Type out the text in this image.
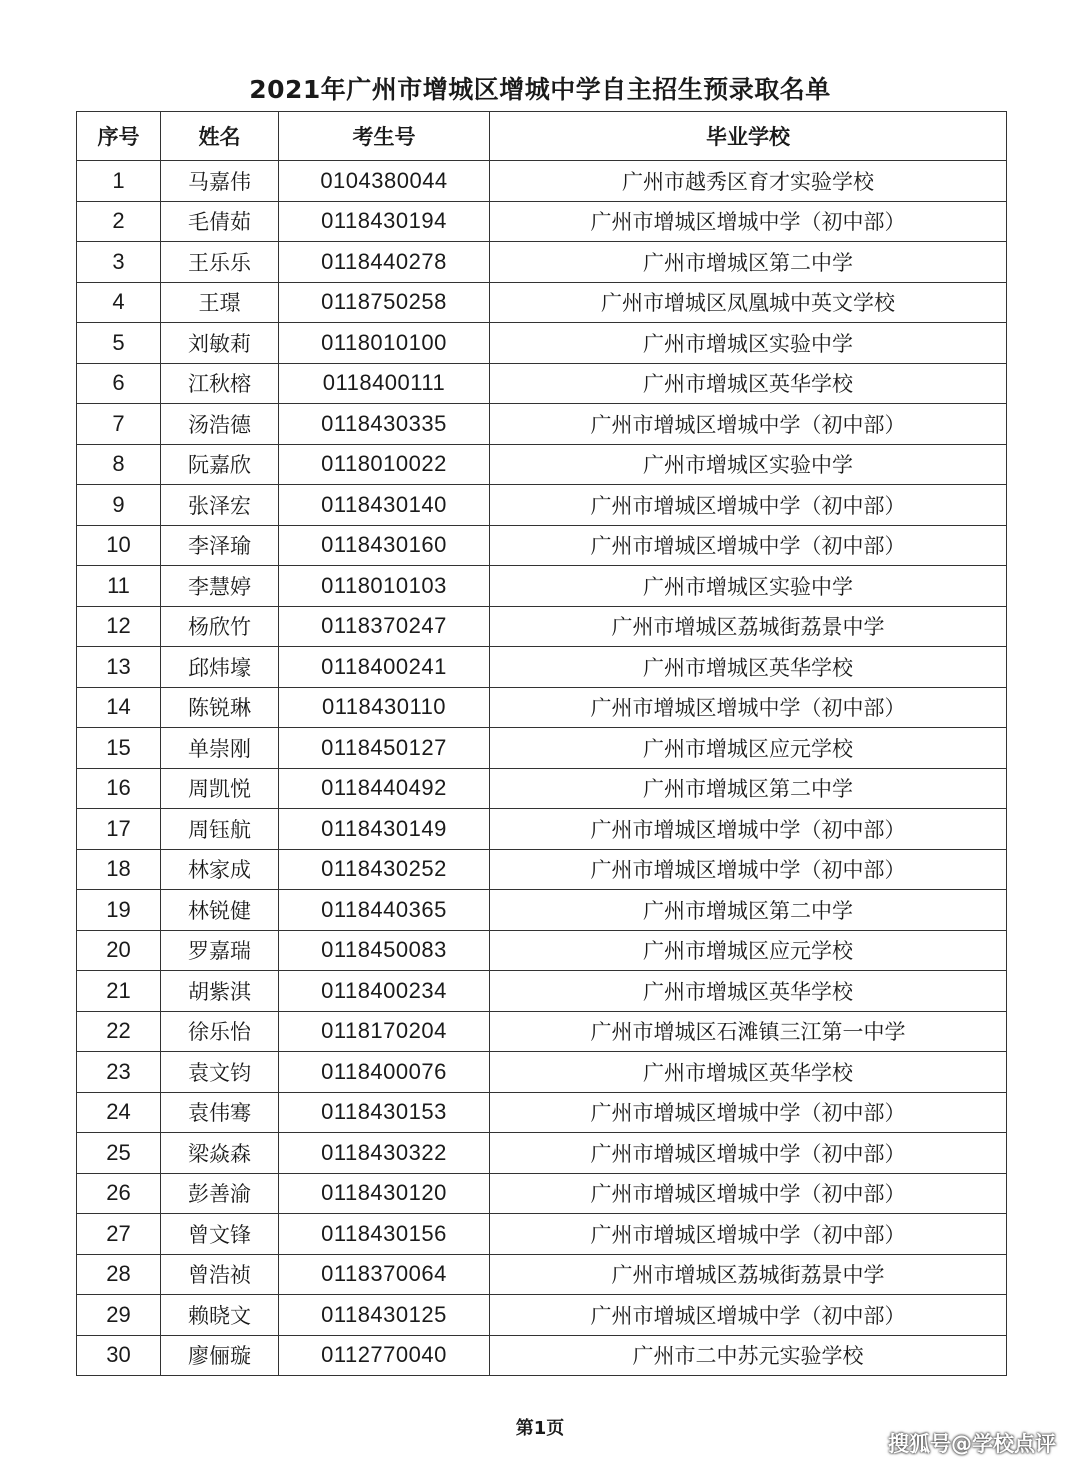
2021年广州市增城区增城中学自主招生预录取名单
序号	姓名	考生号	毕业学校
1	马嘉伟	0104380044	广州市越秀区育才实验学校
2	毛倩茹	0118430194	广州市增城区增城中学（初中部）
3	王乐乐	0118440278	广州市增城区第二中学
4	王璟	0118750258	广州市增城区凤凰城中英文学校
5	刘敏莉	0118010100	广州市增城区实验中学
6	江秋榕	0118400111	广州市增城区英华学校
7	汤浩德	0118430335	广州市增城区增城中学（初中部）
8	阮嘉欣	0118010022	广州市增城区实验中学
9	张泽宏	0118430140	广州市增城区增城中学（初中部）
10	李泽瑜	0118430160	广州市增城区增城中学（初中部）
11	李慧婷	0118010103	广州市增城区实验中学
12	杨欣竹	0118370247	广州市增城区荔城街荔景中学
13	邱炜壕	0118400241	广州市增城区英华学校
14	陈锐琳	0118430110	广州市增城区增城中学（初中部）
15	单崇刚	0118450127	广州市增城区应元学校
16	周凯悦	0118440492	广州市增城区第二中学
17	周钰航	0118430149	广州市增城区增城中学（初中部）
18	林家成	0118430252	广州市增城区增城中学（初中部）
19	林锐健	0118440365	广州市增城区第二中学
20	罗嘉瑞	0118450083	广州市增城区应元学校
21	胡紫淇	0118400234	广州市增城区英华学校
22	徐乐怡	0118170204	广州市增城区石滩镇三江第一中学
23	袁文钧	0118400076	广州市增城区英华学校
24	袁伟骞	0118430153	广州市增城区增城中学（初中部）
25	梁焱森	0118430322	广州市增城区增城中学（初中部）
26	彭善渝	0118430120	广州市增城区增城中学（初中部）
27	曾文锋	0118430156	广州市增城区增城中学（初中部）
28	曾浩祯	0118370064	广州市增城区荔城街荔景中学
29	赖晓文	0118430125	广州市增城区增城中学（初中部）
30	廖俪璇	0112770040	广州市二中苏元实验学校
第1页
搜狐号@学校点评
